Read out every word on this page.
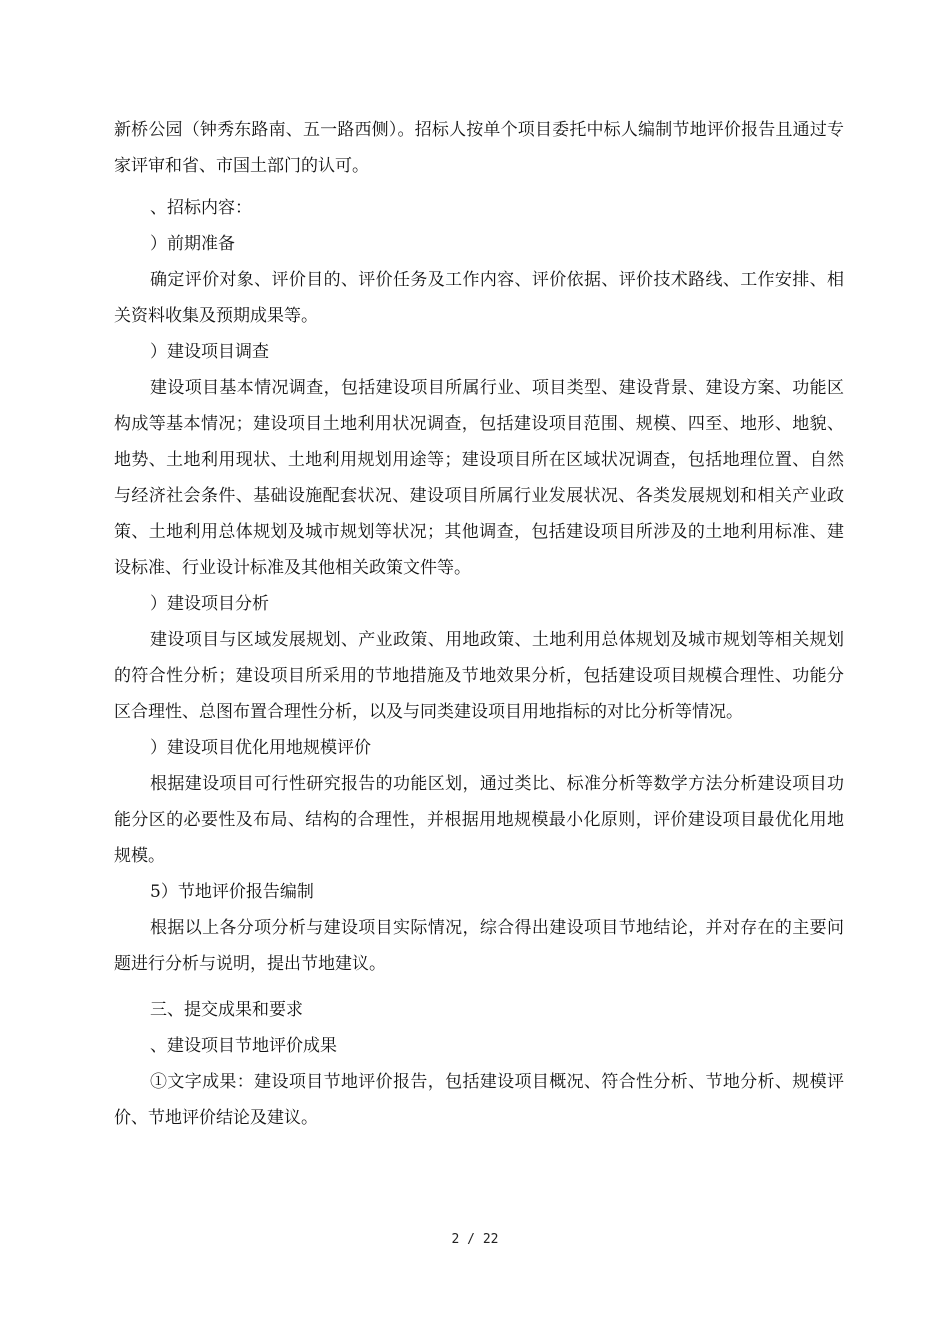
新桥公园（钟秀东路南、五一路西侧）。招标人按单个项目委托中标人编制节地评价报告且通过专家评审和省、市国土部门的认可。

、招标内容：

）前期准备

确定评价对象、评价目的、评价任务及工作内容、评价依据、评价技术路线、工作安排、相关资料收集及预期成果等。

）建设项目调查

建设项目基本情况调查，包括建设项目所属行业、项目类型、建设背景、建设方案、功能区构成等基本情况；建设项目土地利用状况调查，包括建设项目范围、规模、四至、地形、地貌、地势、土地利用现状、土地利用规划用途等；建设项目所在区域状况调查，包括地理位置、自然与经济社会条件、基础设施配套状况、建设项目所属行业发展状况、各类发展规划和相关产业政策、土地利用总体规划及城市规划等状况；其他调查，包括建设项目所涉及的土地利用标准、建设标准、行业设计标准及其他相关政策文件等。

）建设项目分析

建设项目与区域发展规划、产业政策、用地政策、土地利用总体规划及城市规划等相关规划的符合性分析；建设项目所采用的节地措施及节地效果分析，包括建设项目规模合理性、功能分区合理性、总图布置合理性分析，以及与同类建设项目用地指标的对比分析等情况。

）建设项目优化用地规模评价

根据建设项目可行性研究报告的功能区划，通过类比、标准分析等数学方法分析建设项目功能分区的必要性及布局、结构的合理性，并根据用地规模最小化原则，评价建设项目最优化用地规模。

5）节地评价报告编制

根据以上各分项分析与建设项目实际情况，综合得出建设项目节地结论，并对存在的主要问题进行分析与说明，提出节地建议。

三、提交成果和要求

、建设项目节地评价成果

①文字成果：建设项目节地评价报告，包括建设项目概况、符合性分析、节地分析、规模评价、节地评价结论及建议。

2 / 22
